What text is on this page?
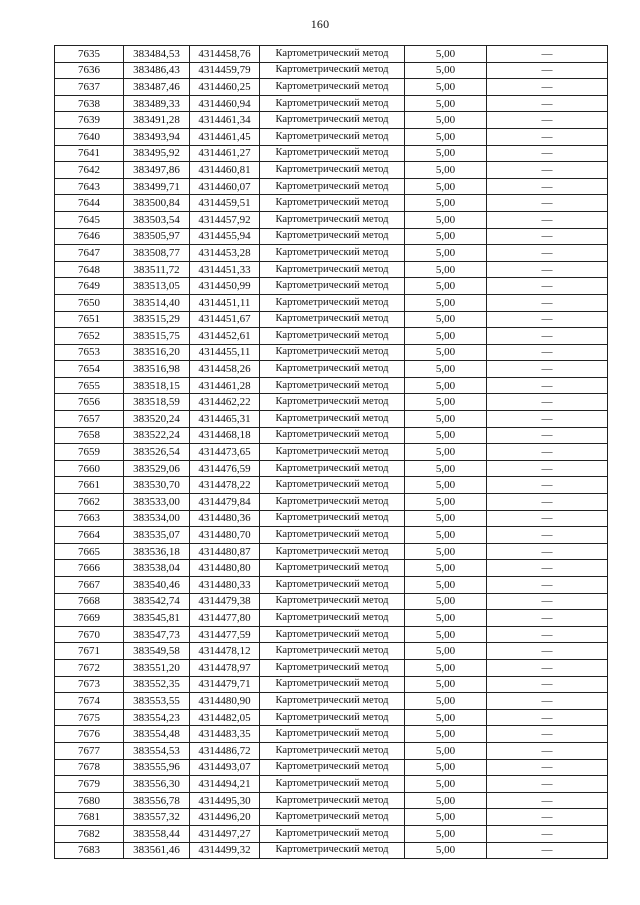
160
7635	383484,53	4314458,76	Картометрический метод	5,00	—
7636	383486,43	4314459,79	Картометрический метод	5,00	—
7637	383487,46	4314460,25	Картометрический метод	5,00	—
7638	383489,33	4314460,94	Картометрический метод	5,00	—
7639	383491,28	4314461,34	Картометрический метод	5,00	—
7640	383493,94	4314461,45	Картометрический метод	5,00	—
7641	383495,92	4314461,27	Картометрический метод	5,00	—
7642	383497,86	4314460,81	Картометрический метод	5,00	—
7643	383499,71	4314460,07	Картометрический метод	5,00	—
7644	383500,84	4314459,51	Картометрический метод	5,00	—
7645	383503,54	4314457,92	Картометрический метод	5,00	—
7646	383505,97	4314455,94	Картометрический метод	5,00	—
7647	383508,77	4314453,28	Картометрический метод	5,00	—
7648	383511,72	4314451,33	Картометрический метод	5,00	—
7649	383513,05	4314450,99	Картометрический метод	5,00	—
7650	383514,40	4314451,11	Картометрический метод	5,00	—
7651	383515,29	4314451,67	Картометрический метод	5,00	—
7652	383515,75	4314452,61	Картометрический метод	5,00	—
7653	383516,20	4314455,11	Картометрический метод	5,00	—
7654	383516,98	4314458,26	Картометрический метод	5,00	—
7655	383518,15	4314461,28	Картометрический метод	5,00	—
7656	383518,59	4314462,22	Картометрический метод	5,00	—
7657	383520,24	4314465,31	Картометрический метод	5,00	—
7658	383522,24	4314468,18	Картометрический метод	5,00	—
7659	383526,54	4314473,65	Картометрический метод	5,00	—
7660	383529,06	4314476,59	Картометрический метод	5,00	—
7661	383530,70	4314478,22	Картометрический метод	5,00	—
7662	383533,00	4314479,84	Картометрический метод	5,00	—
7663	383534,00	4314480,36	Картометрический метод	5,00	—
7664	383535,07	4314480,70	Картометрический метод	5,00	—
7665	383536,18	4314480,87	Картометрический метод	5,00	—
7666	383538,04	4314480,80	Картометрический метод	5,00	—
7667	383540,46	4314480,33	Картометрический метод	5,00	—
7668	383542,74	4314479,38	Картометрический метод	5,00	—
7669	383545,81	4314477,80	Картометрический метод	5,00	—
7670	383547,73	4314477,59	Картометрический метод	5,00	—
7671	383549,58	4314478,12	Картометрический метод	5,00	—
7672	383551,20	4314478,97	Картометрический метод	5,00	—
7673	383552,35	4314479,71	Картометрический метод	5,00	—
7674	383553,55	4314480,90	Картометрический метод	5,00	—
7675	383554,23	4314482,05	Картометрический метод	5,00	—
7676	383554,48	4314483,35	Картометрический метод	5,00	—
7677	383554,53	4314486,72	Картометрический метод	5,00	—
7678	383555,96	4314493,07	Картометрический метод	5,00	—
7679	383556,30	4314494,21	Картометрический метод	5,00	—
7680	383556,78	4314495,30	Картометрический метод	5,00	—
7681	383557,32	4314496,20	Картометрический метод	5,00	—
7682	383558,44	4314497,27	Картометрический метод	5,00	—
7683	383561,46	4314499,32	Картометрический метод	5,00	—
